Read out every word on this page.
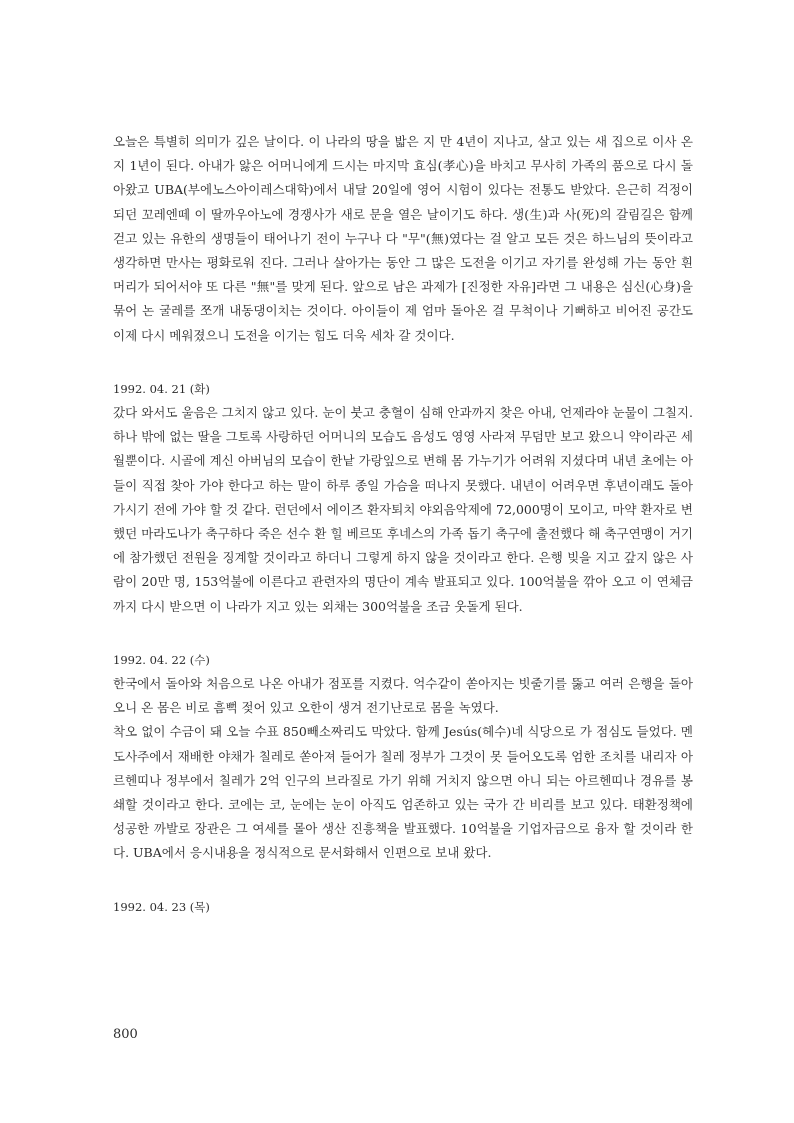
오늘은 특별히 의미가 깊은 날이다. 이 나라의 땅을 밟은 지 만 4년이 지나고, 살고 있는 새 집으로 이사 온 지 1년이 된다. 아내가 앓은 어머니에게 드시는 마지막 효심(孝心)을 바치고 무사히 가족의 품으로 다시 돌아왔고 UBA(부에노스아이레스대학)에서 내달 20일에 영어 시험이 있다는 전통도 받았다. 은근히 걱정이 되던 꼬레엔떼 이 딸까우아노에 경쟁사가 새로 문을 열은 날이기도 하다. 생(生)과 사(死)의 갈림길은 함께 걷고 있는 유한의 생명들이 태어나기 전이 누구나 다 "무"(無)였다는 걸 알고 모든 것은 하느님의 뜻이라고 생각하면 만사는 평화로워 진다. 그러나 살아가는 동안 그 많은 도전을 이기고 자기를 완성해 가는 동안 흰 머리가 되어서야 또 다른 "無"를 맞게 된다. 앞으로 남은 과제가 [진정한 자유]라면 그 내용은 심신(心身)을 묶어 논 굴레를 쪼개 내동댕이치는 것이다. 아이들이 제 엄마 돌아온 걸 무척이나 기뻐하고 비어진 공간도 이제 다시 메워졌으니 도전을 이기는 힘도 더욱 세차 갈 것이다.

1992. 04. 21 (화)

갔다 와서도 울음은 그치지 않고 있다. 눈이 붓고 충혈이 심해 안과까지 찾은 아내, 언제라야 눈물이 그칠지. 하나 밖에 없는 딸을 그토록 사랑하던 어머니의 모습도 음성도 영영 사라져 무덤만 보고 왔으니 약이라곤 세월뿐이다. 시골에 계신 아버님의 모습이 한낱 가랑잎으로 변해 몸 가누기가 어려워 지셨다며 내년 초에는 아들이 직접 찾아 가야 한다고 하는 말이 하루 종일 가슴을 떠나지 못했다. 내년이 어려우면 후년이래도 돌아가시기 전에 가야 할 것 같다. 런던에서 에이즈 환자퇴치 야외음악제에 72,000명이 모이고, 마약 환자로 변했던 마라도나가 축구하다 죽은 선수 환 힐 베르또 후네스의 가족 돕기 축구에 출전했다 해 축구연맹이 거기에 참가했던 전원을 징계할 것이라고 하더니 그렇게 하지 않을 것이라고 한다. 은행 빚을 지고 갚지 않은 사람이 20만 명, 153억불에 이른다고 관련자의 명단이 계속 발표되고 있다. 100억불을 깎아 오고 이 연체금까지 다시 받으면 이 나라가 지고 있는 외채는 300억불을 조금 웃돌게 된다.

1992. 04. 22 (수)

한국에서 돌아와 처음으로 나온 아내가 점포를 지켰다. 억수같이 쏟아지는 빗줄기를 뚫고 여러 은행을 돌아오니 온 몸은 비로 흠뻑 젖어 있고 오한이 생겨 전기난로로 몸을 녹였다.

착오 없이 수금이 돼 오늘 수표 850빼소짜리도 막았다. 함께 Jesús(헤수)네 식당으로 가 점심도 들었다. 멘도사주에서 재배한 야채가 칠레로 쏟아져 들어가 칠레 정부가 그것이 못 들어오도록 엄한 조치를 내리자 아르헨띠나 정부에서 칠레가 2억 인구의 브라질로 가기 위해 거치지 않으면 아니 되는 아르헨띠나 경유를 봉쇄할 것이라고 한다. 코에는 코, 눈에는 눈이 아직도 엄존하고 있는 국가 간 비리를 보고 있다. 태환정책에 성공한 까발로 장관은 그 여세를 몰아 생산 진흥책을 발표했다. 10억불을 기업자금으로 융자 할 것이라 한다. UBA에서 응시내용을 정식적으로 문서화해서 인편으로 보내 왔다.

1992. 04. 23 (목)

800
